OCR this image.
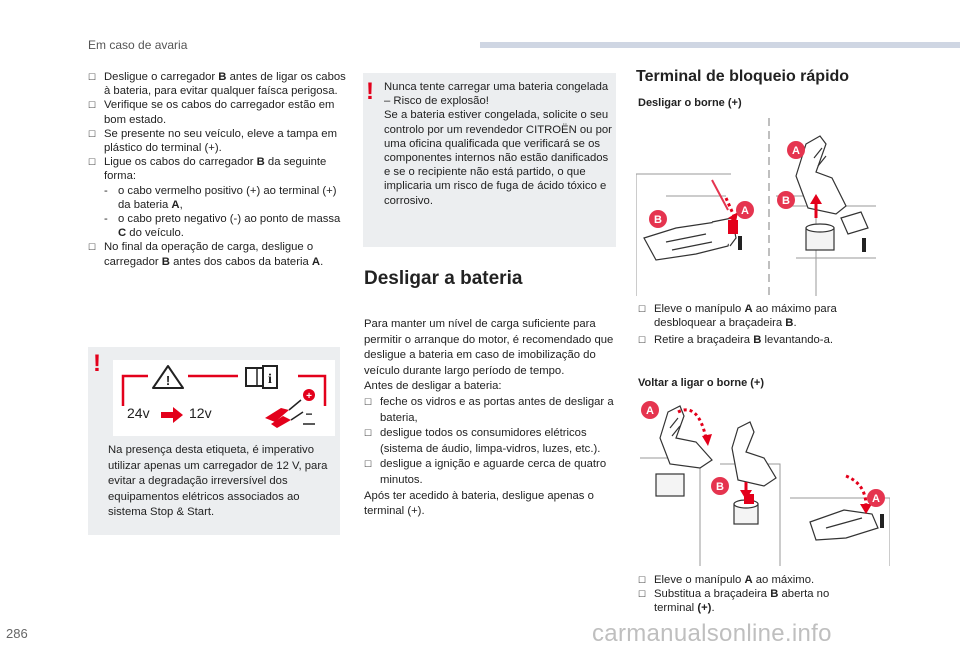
Em caso de avaria

☐ Desligue o carregador B antes de ligar os cabos à bateria, para evitar qualquer faísca perigosa.

☐ Verifique se os cabos do carregador estão em bom estado.

☐ Se presente no seu veículo, eleve a tampa em plástico do terminal (+).

☐ Ligue os cabos do carregador B da seguinte forma:

- o cabo vermelho positivo (+) ao terminal (+) da bateria A,

- o cabo preto negativo (-) ao ponto de massa C do veículo.

☐ No final da operação de carga, desligue o carregador B antes dos cabos da bateria A.

!
!	i
24v	12v
+
−
Na presença desta etiqueta, é imperativo utilizar apenas um carregador de 12 V, para evitar a degradação irreversível dos equipamentos elétricos associados ao sistema Stop & Start.
! Nunca tente carregar uma bateria congelada – Risco de explosão!
Se a bateria estiver congelada, solicite o seu controlo por um revendedor CITROËN ou por uma oficina qualificada que verificará se os componentes internos não estão danificados e se o recipiente não está partido, o que implicaria um risco de fuga de ácido tóxico e corrosivo.
Desligar a bateria

Para manter um nível de carga suficiente para permitir o arranque do motor, é recomendado que desligue a bateria em caso de imobilização do veículo durante largo período de tempo.
Antes de desligar a bateria:

☐ feche os vidros e as portas antes de desligar a bateria,

☐ desligue todos os consumidores elétricos (sistema de áudio, limpa-vidros, luzes, etc.).

☐ desligue a ignição e aguarde cerca de quatro minutos.

Após ter acedido à bateria, desligue apenas o terminal (+).

Terminal de bloqueio rápido
Desligar o borne (+)
A
B
A
B

☐ Eleve o manípulo A ao máximo para desbloquear a braçadeira B.

☐ Retire a braçadeira B levantando-a.

Voltar a ligar o borne (+)
A
B
A

☐ Eleve o manípulo A ao máximo.

☐ Substitua a braçadeira B aberta no terminal (+).

286	carmanualsonline.info
